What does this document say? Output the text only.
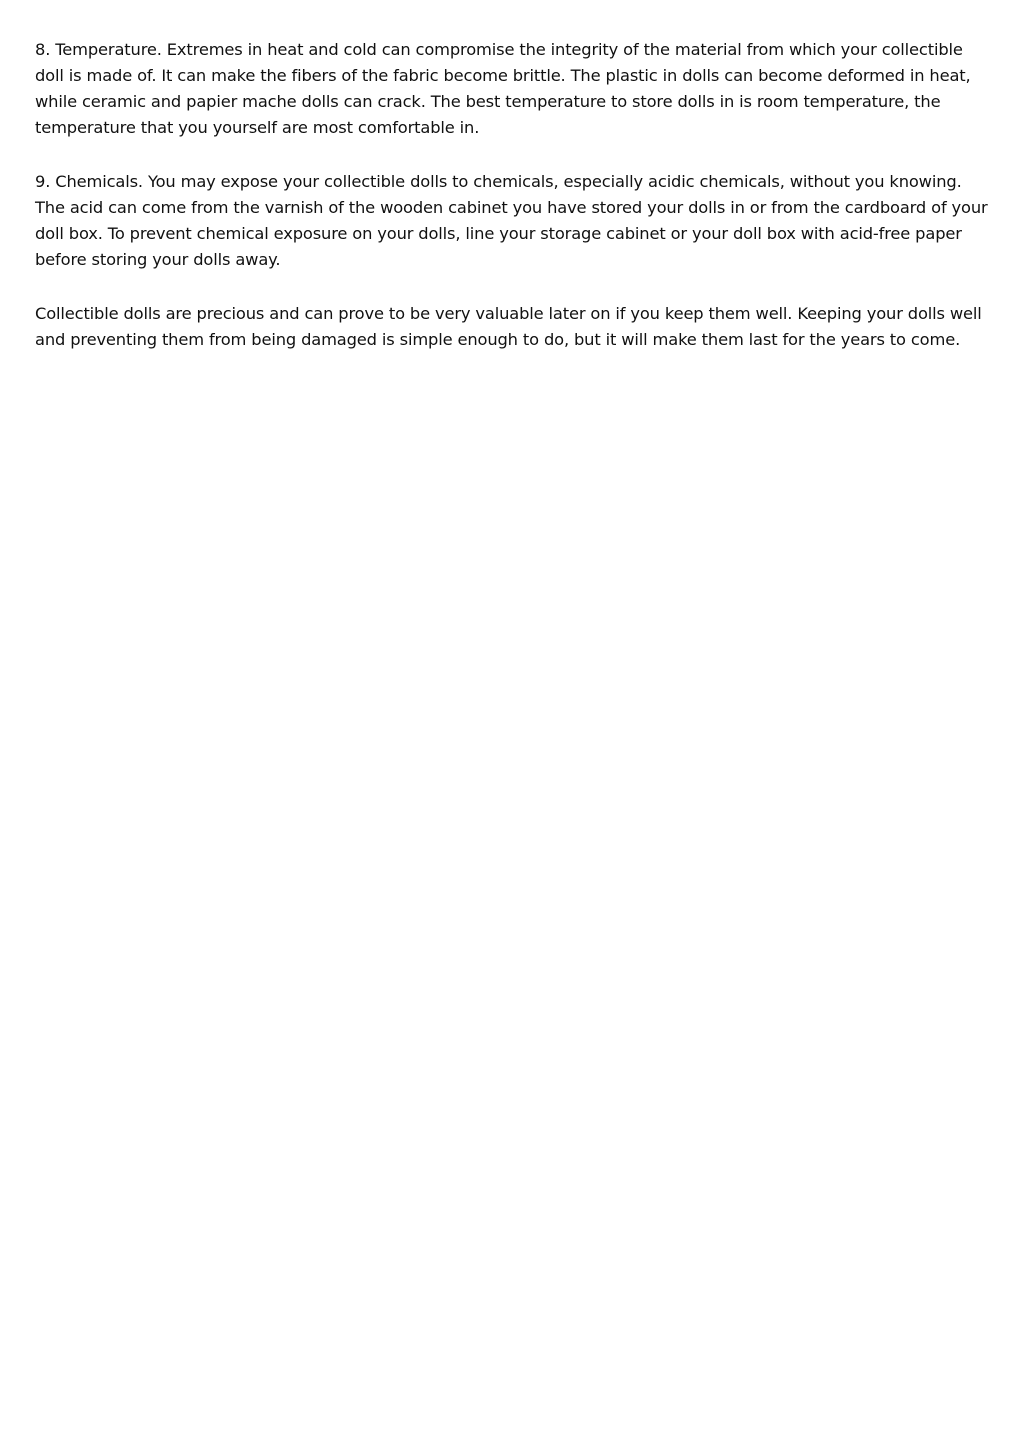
8. Temperature. Extremes in heat and cold can compromise the integrity of the material from which your collectible doll is made of. It can make the fibers of the fabric become brittle. The plastic in dolls can become deformed in heat, while ceramic and papier mache dolls can crack. The best temperature to store dolls in is room temperature, the temperature that you yourself are most comfortable in.

9. Chemicals. You may expose your collectible dolls to chemicals, especially acidic chemicals, without you knowing. The acid can come from the varnish of the wooden cabinet you have stored your dolls in or from the cardboard of your doll box. To prevent chemical exposure on your dolls, line your storage cabinet or your doll box with acid-free paper before storing your dolls away.

Collectible dolls are precious and can prove to be very valuable later on if you keep them well. Keeping your dolls well and preventing them from being damaged is simple enough to do, but it will make them last for the years to come.
